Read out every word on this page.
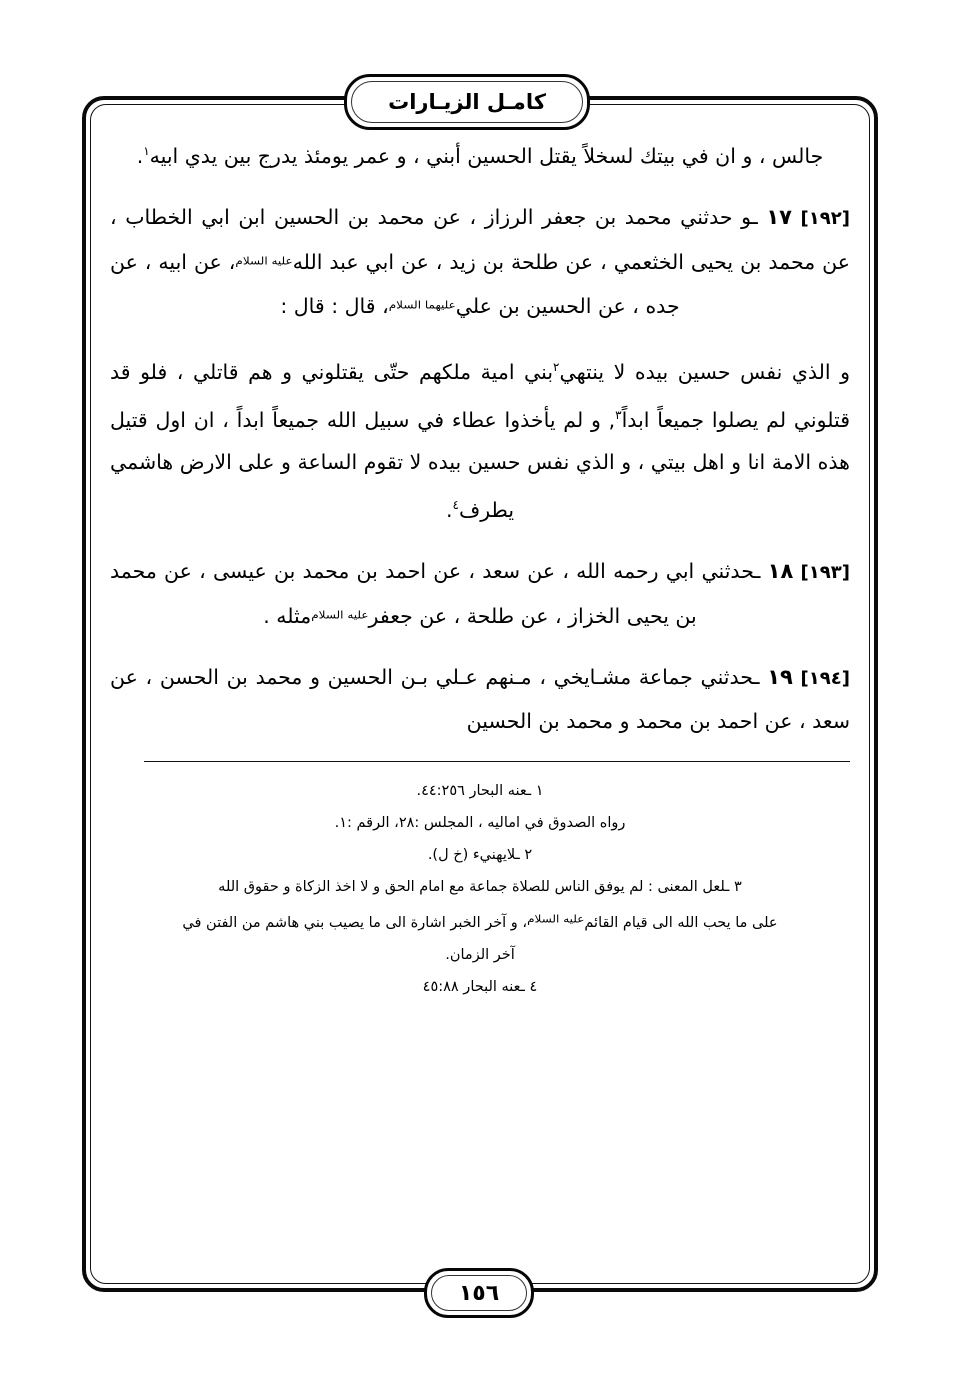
كامـل الزيـارات

جالس ، و ان في بيتك لسخلاً يقتل الحسين أبني ، و عمر يومئذ يدرج بين يدي ابيه$^١$.

[١٩٢] ١٧ ـو حدثني محمد بن جعفر الرزاز ، عن محمد بن الحسين ابن ابي الخطاب ، عن محمد بن يحيى الخثعمي ، عن طلحة بن زيد ، عن ابي عبد اللهعليه السلام، عن ابيه ، عن جده ، عن الحسين بن عليعليهما السلام، قال : قال :

و الذي نفس حسين بيده لا ينتهي$^٢$بني امية ملكهم حتّى يقتلوني و هم قاتلي ، فلو قد قتلوني لم يصلوا جميعاً ابداً$^٣$, و لم يأخذوا عطاء في سبيل الله جميعاً ابداً ، ان اول قتيل هذه الامة انا و اهل بيتي ، و الذي نفس حسين بيده لا تقوم الساعة و على الارض هاشمي يطرف$^٤$.

[١٩٣] ١٨ ـحدثني ابي رحمه الله ، عن سعد ، عن احمد بن محمد بن عيسى ، عن محمد بن يحيى الخزاز ، عن طلحة ، عن جعفرعليه السلاممثله .

[١٩٤] ١٩ ـحدثني جماعة مشـايخي ، مـنهم عـلي بـن الحسين و محمد بن الحسن ، عن سعد ، عن احمد بن محمد و محمد بن الحسين

١ ـعنه البحار ٤٤:٢٥٦.

رواه الصدوق في اماليه ، المجلس :٢٨، الرقم :١.

٢ ـلايهنيء (خ ل).

٣ ـلعل المعنى : لم يوفق الناس للصلاة جماعة مع امام الحق و لا اخذ الزكاة و حقوق الله

على ما يحب الله الى قيام القائمعليه السلام، و آخر الخبر اشارة الى ما يصيب بني هاشم من الفتن في

آخر الزمان.

٤ ـعنه البحار ٤٥:٨٨

١٥٦
